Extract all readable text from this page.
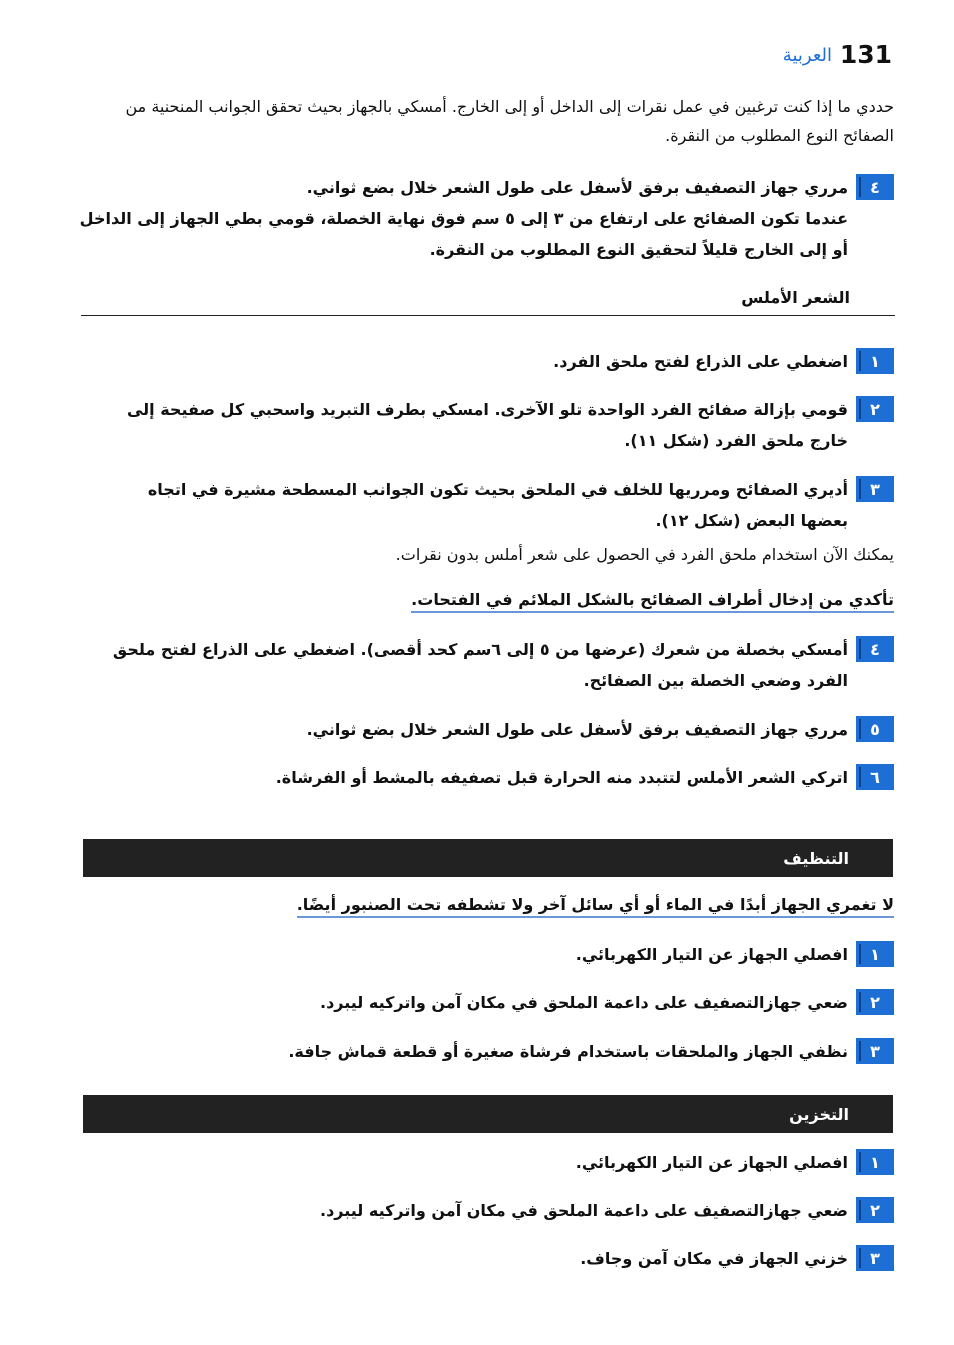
131
العربية
حددي ما إذا كنت ترغبين في عمل نقرات إلى الداخل أو إلى الخارج. أمسكي بالجهاز بحيث تحقق الجوانب المنحنية من الصفائح النوع المطلوب من النقرة.
٤
مرري جهاز التصفيف برفق لأسفل على طول الشعر خلال بضع ثواني.
عندما تكون الصفائح على ارتفاع من ٣ إلى ٥ سم فوق نهاية الخصلة، قومي بطي الجهاز إلى الداخل أو إلى الخارج قليلاً لتحقيق النوع المطلوب من النقرة.
الشعر الأملس
١
اضغطي على الذراع لفتح ملحق الفرد.
٢
قومي بإزالة صفائح الفرد الواحدة تلو الآخرى. امسكي بطرف التبريد واسحبي كل صفيحة إلى خارج ملحق الفرد (شكل ١١).
٣
أديري الصفائح ومرريها للخلف في الملحق بحيث تكون الجوانب المسطحة مشيرة في اتجاه بعضها البعض (شكل ١٢).
يمكنك الآن استخدام ملحق الفرد في الحصول على شعر أملس بدون نقرات.
تأكدي من إدخال أطراف الصفائح بالشكل الملائم في الفتحات.
٤
أمسكي بخصلة من شعرك (عرضها من ٥ إلى ٦سم كحد أقصى). اضغطي على الذراع لفتح ملحق الفرد وضعي الخصلة بين الصفائح.
٥
مرري جهاز التصفيف برفق لأسفل على طول الشعر خلال بضع ثواني.
٦
اتركي الشعر الأملس لتتبدد منه الحرارة قبل تصفيفه بالمشط أو الفرشاة.
التنظيف
لا تغمري الجهاز أبدًا في الماء أو أي سائل آخر ولا تشطفه تحت الصنبور أيضًا.
١
افصلي الجهاز عن التيار الكهربائي.
٢
ضعي جهازالتصفيف على داعمة الملحق في مكان آمن واتركيه ليبرد.
٣
نظفي الجهاز والملحقات باستخدام فرشاة صغيرة أو قطعة قماش جافة.
التخزين
١
افصلي الجهاز عن التيار الكهربائي.
٢
ضعي جهازالتصفيف على داعمة الملحق في مكان آمن واتركيه ليبرد.
٣
خزني الجهاز في مكان آمن وجاف.
